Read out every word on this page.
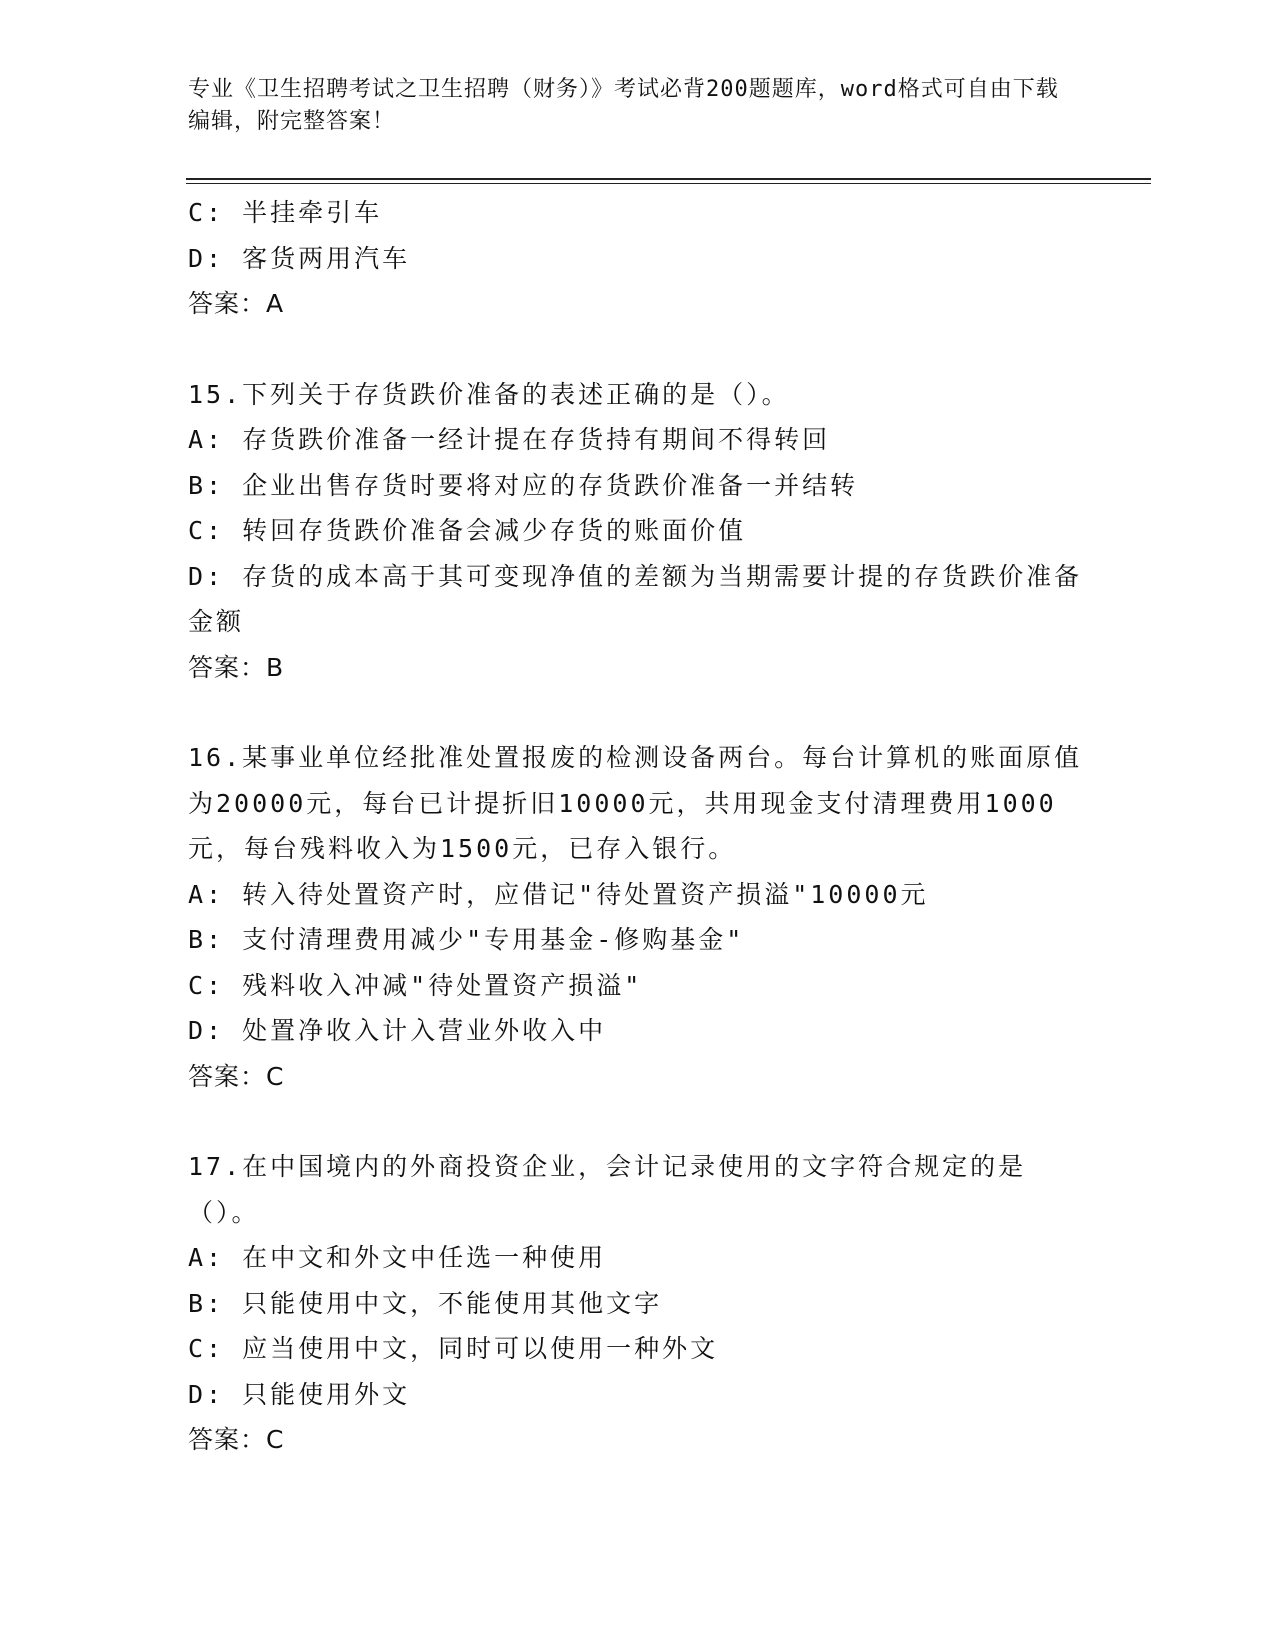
专业《卫生招聘考试之卫生招聘（财务）》考试必背200题题库，word格式可自由下载编辑，附完整答案！

C: 半挂牵引车

D: 客货两用汽车

答案：A

15.下列关于存货跌价准备的表述正确的是（）。

A: 存货跌价准备一经计提在存货持有期间不得转回

B: 企业出售存货时要将对应的存货跌价准备一并结转

C: 转回存货跌价准备会减少存货的账面价值

D: 存货的成本高于其可变现净值的差额为当期需要计提的存货跌价准备金额

答案：B

16.某事业单位经批准处置报废的检测设备两台。每台计算机的账面原值为20000元，每台已计提折旧10000元，共用现金支付清理费用1000元，每台残料收入为1500元，已存入银行。

A: 转入待处置资产时，应借记"待处置资产损溢"10000元

B: 支付清理费用减少"专用基金-修购基金"

C: 残料收入冲减"待处置资产损溢"

D: 处置净收入计入营业外收入中

答案：C

17.在中国境内的外商投资企业，会计记录使用的文字符合规定的是（）。

A: 在中文和外文中任选一种使用

B: 只能使用中文，不能使用其他文字

C: 应当使用中文，同时可以使用一种外文

D: 只能使用外文

答案：C
